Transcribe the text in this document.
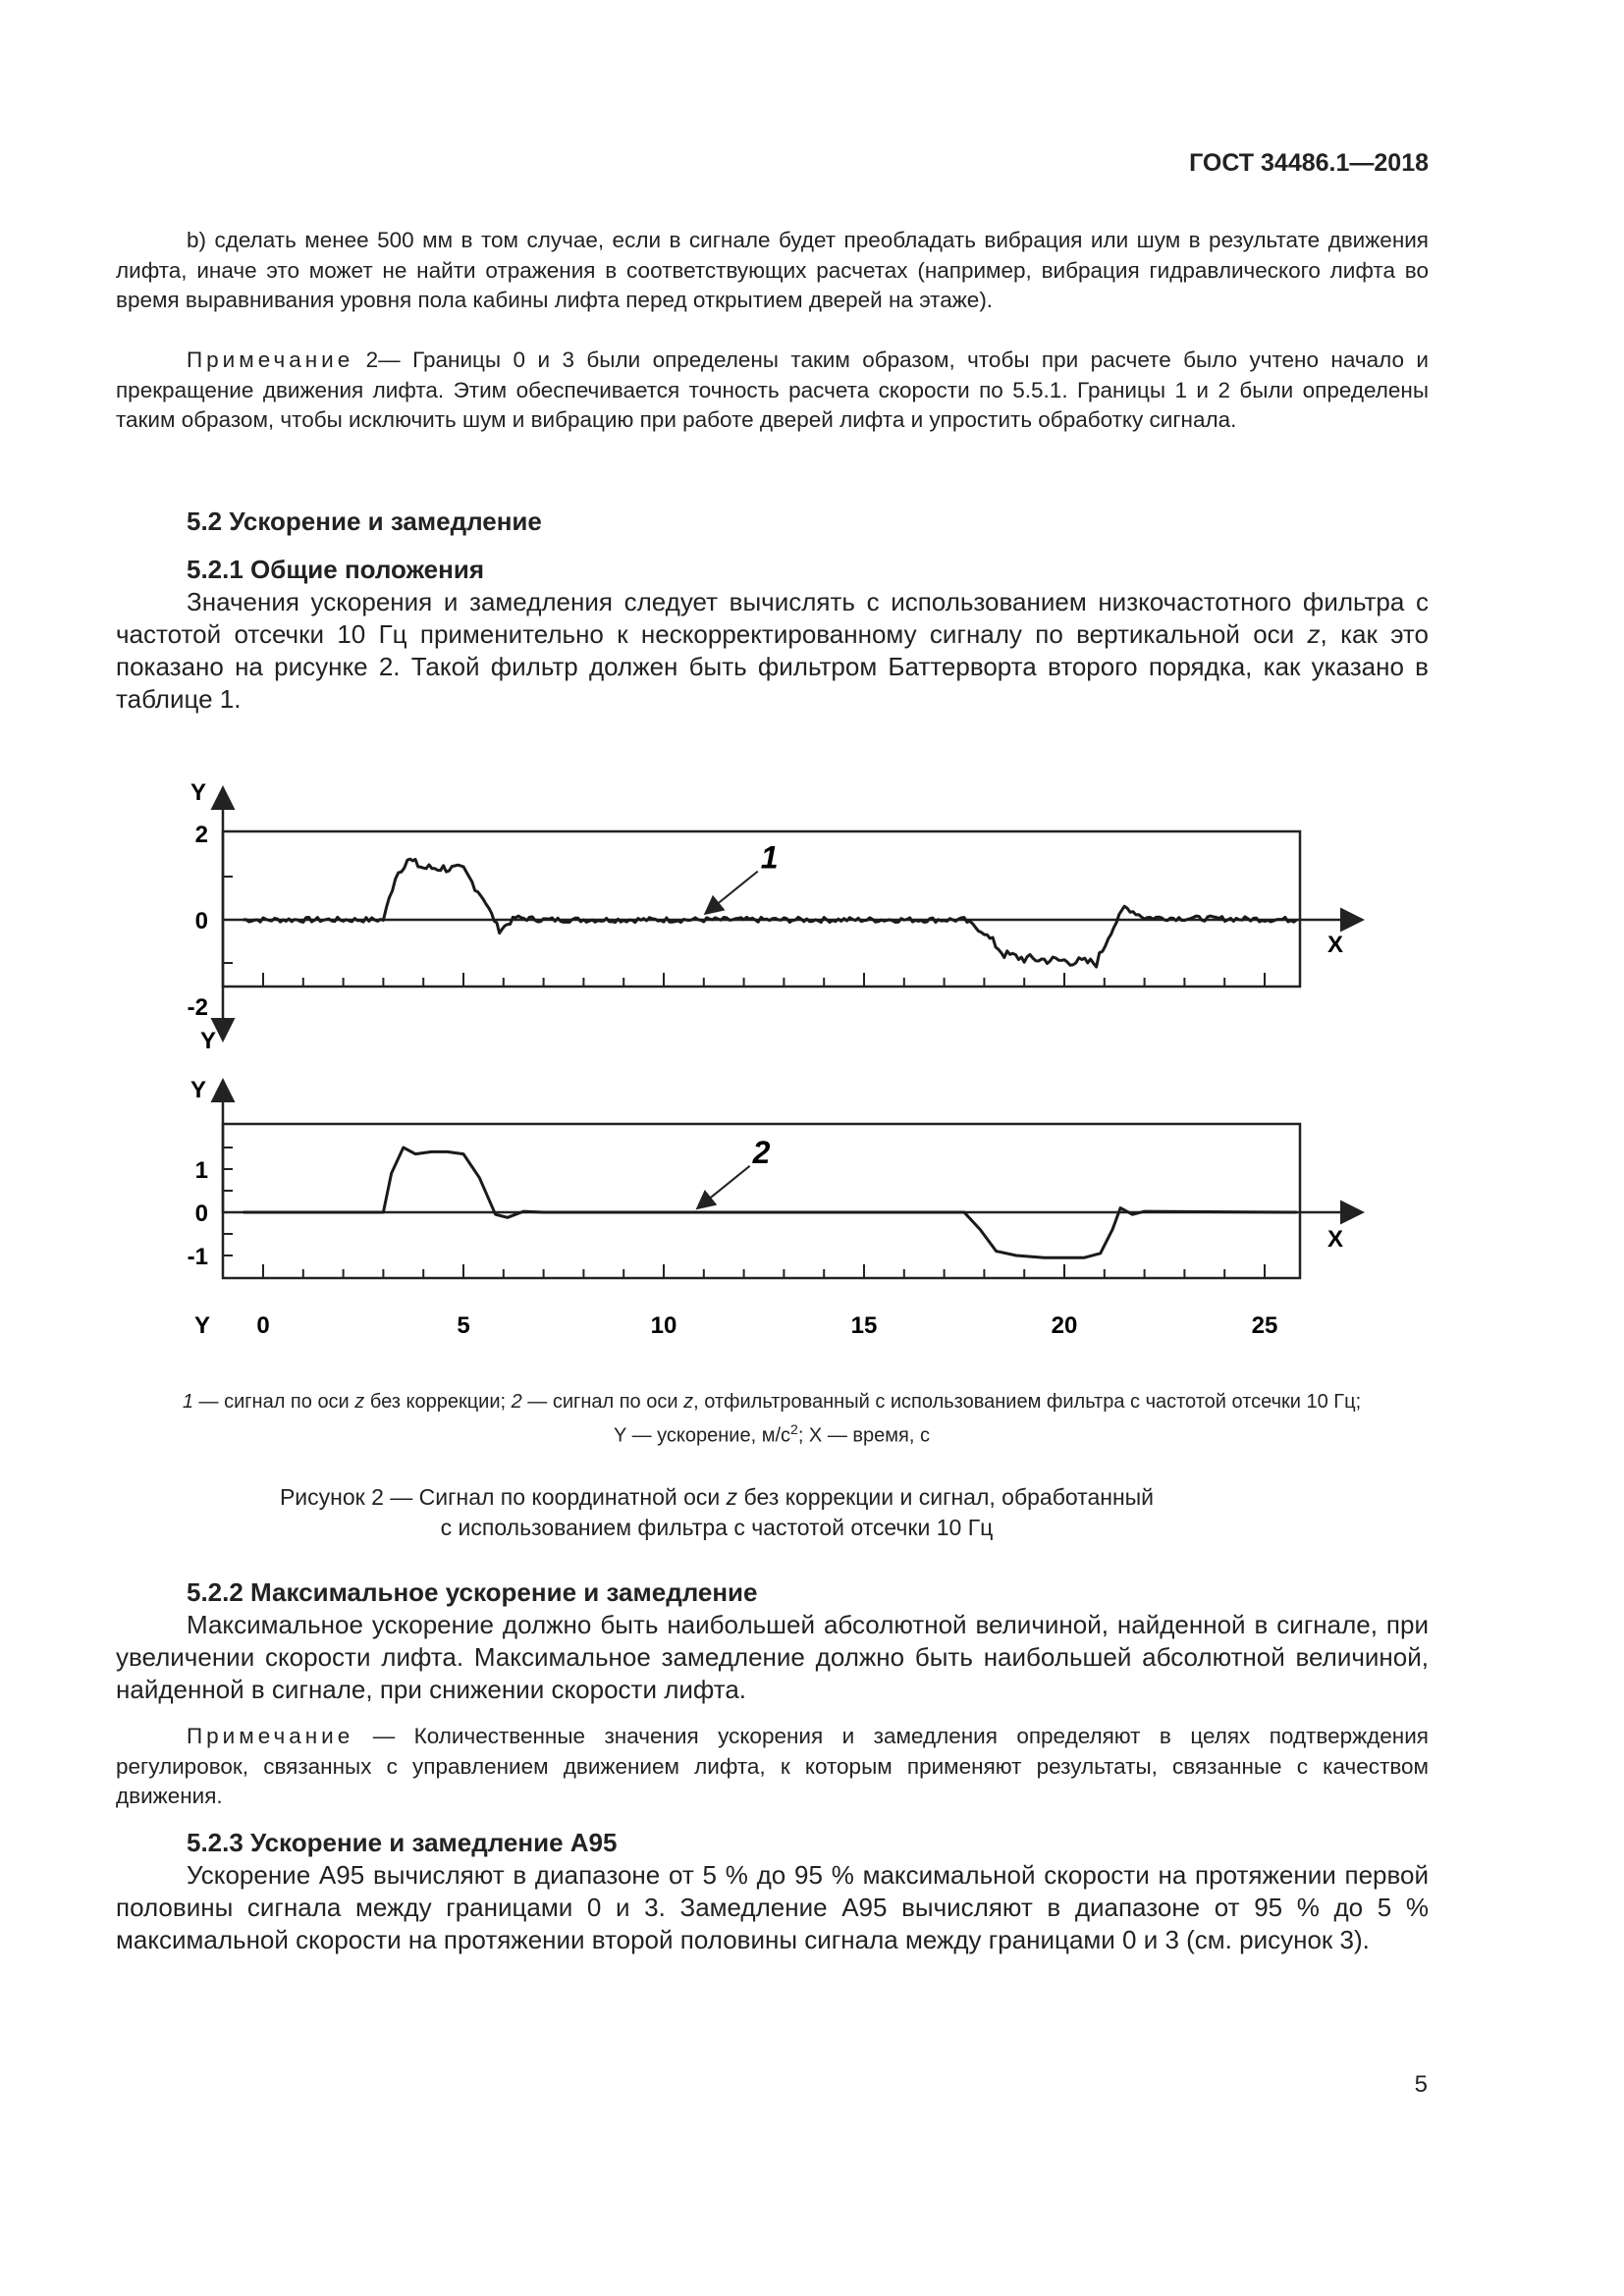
ГОСТ 34486.1—2018

b) сделать менее 500 мм в том случае, если в сигнале будет преобладать вибрация или шум в результате движения лифта, иначе это может не найти отражения в соответствующих расчетах (например, вибрация гидравлического лифта во время выравнивания уровня пола кабины лифта перед открытием дверей на этаже).

Примечание 2— Границы 0 и 3 были определены таким образом, чтобы при расчете было учтено начало и прекращение движения лифта. Этим обеспечивается точность расчета скорости по 5.5.1. Границы 1 и 2 были определены таким образом, чтобы исключить шум и вибрацию при работе дверей лифта и упростить обработку сигнала.

5.2 Ускорение и замедление
5.2.1 Общие положения

Значения ускорения и замедления следует вычислять с использованием низкочастотного фильтра с частотой отсечки 10 Гц применительно к нескорректированному сигналу по вертикальной оси z, как это показано на рисунке 2. Такой фильтр должен быть фильтром Баттерворта второго порядка, как указано в таблице 1.

Y
Y
X
2
0
-2
1
Y
Y
X
1
0
-1
0	5	10	15	20	25
2

1 — сигнал по оси z без коррекции; 2 — сигнал по оси z, отфильтрованный с использованием фильтра с частотой отсечки 10 Гц;
Y — ускорение, $м/с^2$; X — время, с

Рисунок 2 — Сигнал по координатной оси z без коррекции и сигнал, обработанный
с использованием фильтра с частотой отсечки 10 Гц

5.2.2 Максимальное ускорение и замедление

Максимальное ускорение должно быть наибольшей абсолютной величиной, найденной в сигнале, при увеличении скорости лифта. Максимальное замедление должно быть наибольшей абсолютной величиной, найденной в сигнале, при снижении скорости лифта.

Примечание — Количественные значения ускорения и замедления определяют в целях подтверждения регулировок, связанных с управлением движением лифта, к которым применяют результаты, связанные с качеством движения.

5.2.3 Ускорение и замедление А95

Ускорение А95 вычисляют в диапазоне от 5 % до 95 % максимальной скорости на протяжении первой половины сигнала между границами 0 и 3. Замедление А95 вычисляют в диапазоне от 95 % до 5 % максимальной скорости на протяжении второй половины сигнала между границами 0 и 3 (см. рисунок 3).

5
